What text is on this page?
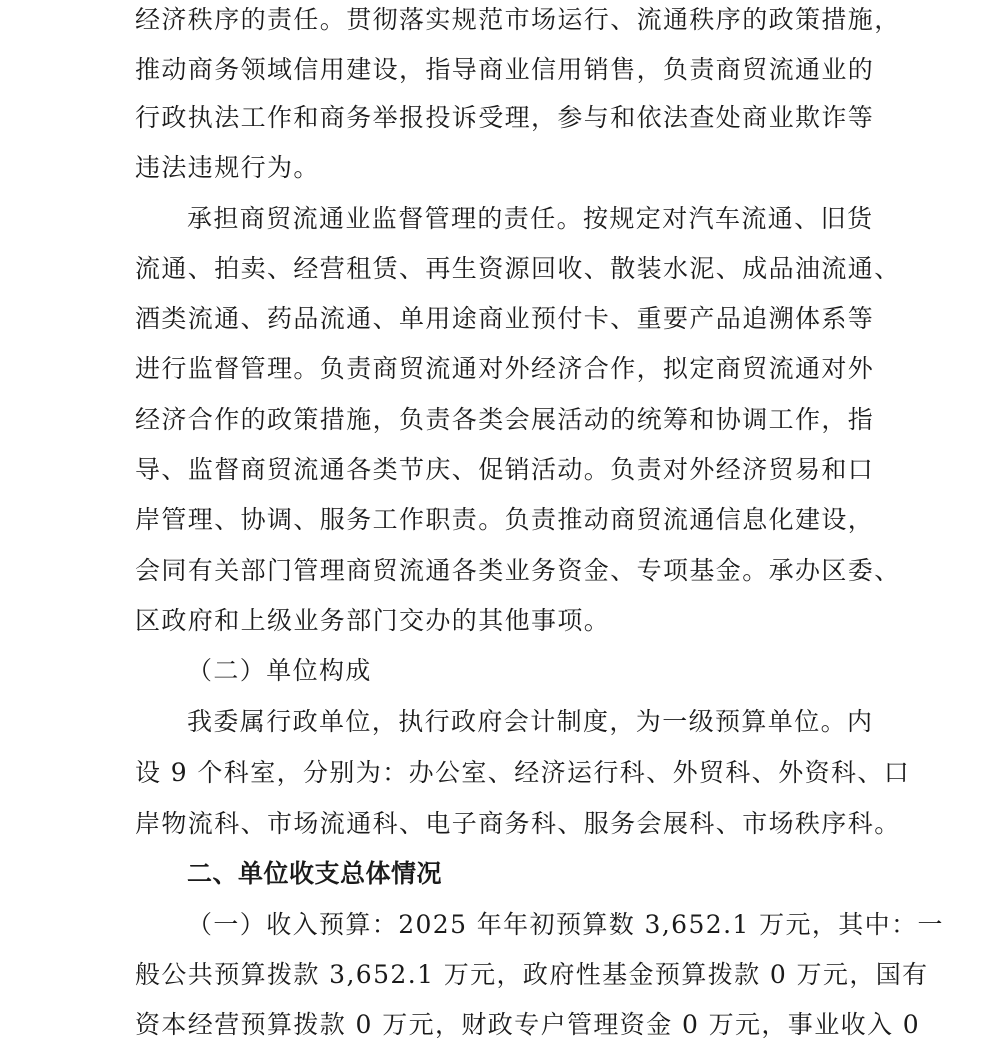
经济秩序的责任。贯彻落实规范市场运行、流通秩序的政策措施，
推动商务领域信用建设，指导商业信用销售，负责商贸流通业的
行政执法工作和商务举报投诉受理，参与和依法查处商业欺诈等
违法违规行为。
承担商贸流通业监督管理的责任。按规定对汽车流通、旧货
流通、拍卖、经营租赁、再生资源回收、散装水泥、成品油流通、
酒类流通、药品流通、单用途商业预付卡、重要产品追溯体系等
进行监督管理。负责商贸流通对外经济合作，拟定商贸流通对外
经济合作的政策措施，负责各类会展活动的统筹和协调工作，指
导、监督商贸流通各类节庆、促销活动。负责对外经济贸易和口
岸管理、协调、服务工作职责。负责推动商贸流通信息化建设，
会同有关部门管理商贸流通各类业务资金、专项基金。承办区委、
区政府和上级业务部门交办的其他事项。
（二）单位构成
我委属行政单位，执行政府会计制度，为一级预算单位。内
设 9 个科室，分别为：办公室、经济运行科、外贸科、外资科、口
岸物流科、市场流通科、电子商务科、服务会展科、市场秩序科。
二、单位收支总体情况
（一）收入预算：2025 年年初预算数 3,652.1 万元，其中：一
般公共预算拨款 3,652.1 万元，政府性基金预算拨款 0 万元，国有
资本经营预算拨款 0 万元，财政专户管理资金 0 万元，事业收入 0
